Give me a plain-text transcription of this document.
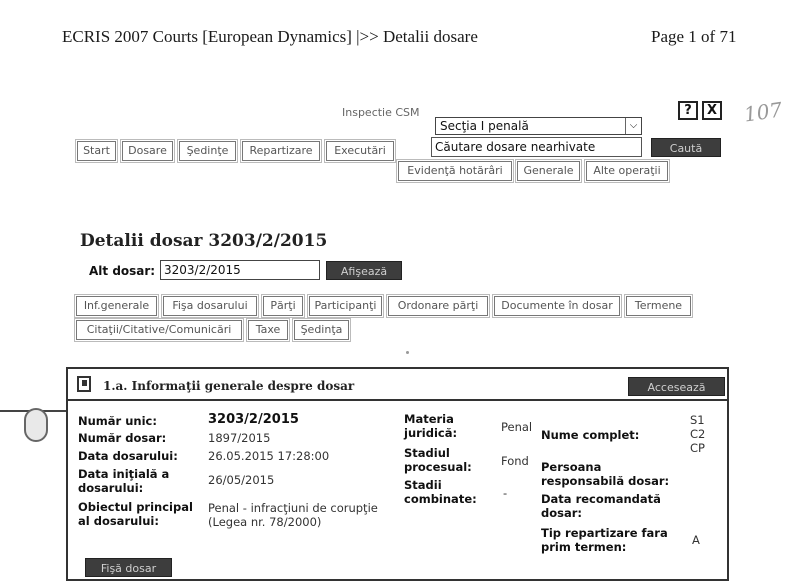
ECRIS 2007 Courts [European Dynamics] |>> Detalii dosare	Page 1 of 71
107
Inspectie CSM
Secţia I penală	⌵
Căutare dosare nearhivate	Caută
?	X
Start	Dosare	Şedinţe	Repartizare	Executări
Evidenţă hotărâri	Generale	Alte operaţii
Detalii dosar 3203/2/2015
Alt dosar: 3203/2/2015	Afişează
Inf.generale	Fişa dosarului	Părţi	Participanţi	Ordonare părţi	Documente în dosar	Termene
Citaţii/Citative/Comunicări	Taxe	Şedinţa
1.a. Informaţii generale despre dosar	Accesează
Număr unic:	3203/2/2015
Număr dosar:	1897/2015
Data dosarului:	26.05.2015 17:28:00
Data iniţială a
dosarului:
26/05/2015
Obiectul principal
al dosarului:
Penal - infracţiuni de corupţie
(Legea nr. 78/2000)
Materia
juridică:	Penal
Stadiul
procesual:	Fond
Stadii
combinate: -
Nume complet:
S1
C2
CP
Persoana
responsabilă dosar:
Data recomandată
dosar:
Tip repartizare fara
prim termen:	A
Fişă dosar
